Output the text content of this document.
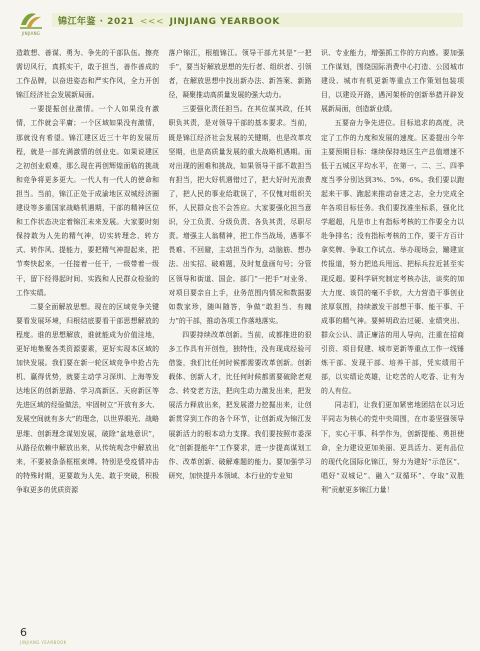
JINJIANG
锦江年鉴 · 2021 <<< JINJIANG YEARBOOK

造敢想、善谋、勇为、争先的干部队伍。擦亮需切风行，真抓实干，敢于担当，善作善成的工作品牌，以奋进姿态和严实作风，全力开创锦江经济社会发展新局面。

一要提振创业激情。一个人如果没有激情，工作就会平庸；一个区域如果没有激情，那就没有希望。锦江建区近三十年的发展历程，就是一部充满激情的创业史。如果说建区之初创业艰难，那么现在再创辉煌面临的挑战和竞争将更多更大。一代人有一代人的使命和担当。当前，锦江正处于成渝地区双城经济圈建设等多重国家战略机遇期，干部的精神区位和工作状态决定着锦江未来发展。大家要时刻保持敢为人先的精气神，切实转理念、转方式、转作风、提能力，要把精气神提起来，把节奏快起来，一任接着一任干，一级带着一级干，留下经得起时间、实践和人民群众检验的工作实绩。

二要全面解放思想。现在的区域竞争关键要看发展环境，归根结底要看干部思想解放的程度。谁的思想解放，谁就能成为价值洼地，更好地集聚各类资源要素，更好实现本区域的加快发展。我们要在新一轮区域竞争中抢占先机、赢得优势，就要主动学习深圳、上海等发达地区的创新思路、学习高新区、天府新区等先进区域的经验做法，牢固树立“开放有多大、发展空间就有多大”的理念，以世界眼光、战略思维、创新理念谋划发展，破除“盆地意识”，从路径依赖中解放出来，从传统观念中解放出来，不要被条条框框束缚。特别是受疫情冲击的特殊时期，更要敢为人先、敢于突破，积极争取更多的优质资源

落户锦江，根植锦江。领导干部尤其是“一把手”，要当好解放思想的先行者、组织者、引领者，在解放思想中找出新办法、新答案、新路径，凝聚推动高质量发展的强大动力。

三要强化责任担当。在其位谋其政，任其职负其责，是对领导干部的基本要求。当前，既是锦江经济社会发展的关键期，也是改革攻坚期，也是高质量发展的重大战略机遇期。面对出现的困难和挑战，如果领导干部不敢担当有担当，把大好机遇错过了，把大好时光浪费了，把人民的事业给耽误了，不仅愧对组织关怀，人民群众也不会答应。大家要强化担当意识，分工负责、分级负责、各负其责，尽职尽责。增强主人翁精神，把工作当战场，遇事不畏难、不回避，主动担当作为，动脑筋、想办法、出实招、破难题，及时复盘画句号；分管区领导和街道、国企、部门“一把手”对业务、对项目要亲自上手，业务范围内情况和数据要如数家珍，随叫随答，争做“敢担当、有魄力”的干部，推动各项工作落地落实。

四要持续改革创新。当前，成都推进的很多工作具有开创性，独特性，没有现成经验可借鉴，我们比任何时候都需要改革创新。创新载体、创新人才，比任何时候都需要破除老观念、转变老方法，把向生动力激发出来，把发展活力释放出来，把发展潜力挖掘出来，让创新贯穿到工作的各个环节，让创新成为锦江发展新活力的根本动力支撑。我们要按照市委深化“创新提能年”工作要求，进一步提高谋划工作、改革创新、破解难题的能力。要加强学习研究，加快提升本领域、本行业的专业知

识、专业能力，增强抓工作的方向感。要加强工作谋划，围绕国际消费中心打造、公园城市建设、城市有机更新等重点工作策划包装项目，以建设开路，遇河架桥的创新举措开辟发展新局面，创造新业绩。

五要奋力争先进位。目标追求的高度，决定了工作的力度和发展的速度。区委提出今年主要预期目标：继续保持地区生产总值增速不低于五城区平均水平，在第一、二、三、四季度当季分别达到3%、5%、6%。我们要以跑起来干事、跑起来推动奋进之志，全力完成全年各项目标任务。我们要找准坐标系，强化比学超超，凡是市上有指标考核的工作要全力以赴争排名；没有指标考核的工作，要干方百计拿奖牌、争取工作试点、举办现场会，蹦建宣传报道，努力把追兵甩远、把标兵拉近甚至实现反超。要科学研究制定考核办法，谈奖的加大力度、该罚的毫不手软，大力营造干事创业浓厚氛围，持续激发干部想干事、能干事、干成事的精气神。要鲜明政治过硬、业绩突出、群众公认、清正廉洁的用人导向，注重在招商引资、项目促建、城市更新等重点工作一线锤炼干部、发现干部、培养干部，凭实绩用干部，以实绩论英雄，让吃苦的人吃香、让有为的人有位。

同志们，让我们更加紧密地团结在以习近平同志为核心的党中央周围，在市委坚强领导下，实心干事、科学作为，创新提能、勇担使命，全力建设更加美丽、更具活力、更有品位的现代化国际化锦江，努力为建好“示范区”、唱好“双城记”、融入“双循环”、夺取“双胜利”贡献更多锦江力量！

6
JINJIANG YEARBOOK
